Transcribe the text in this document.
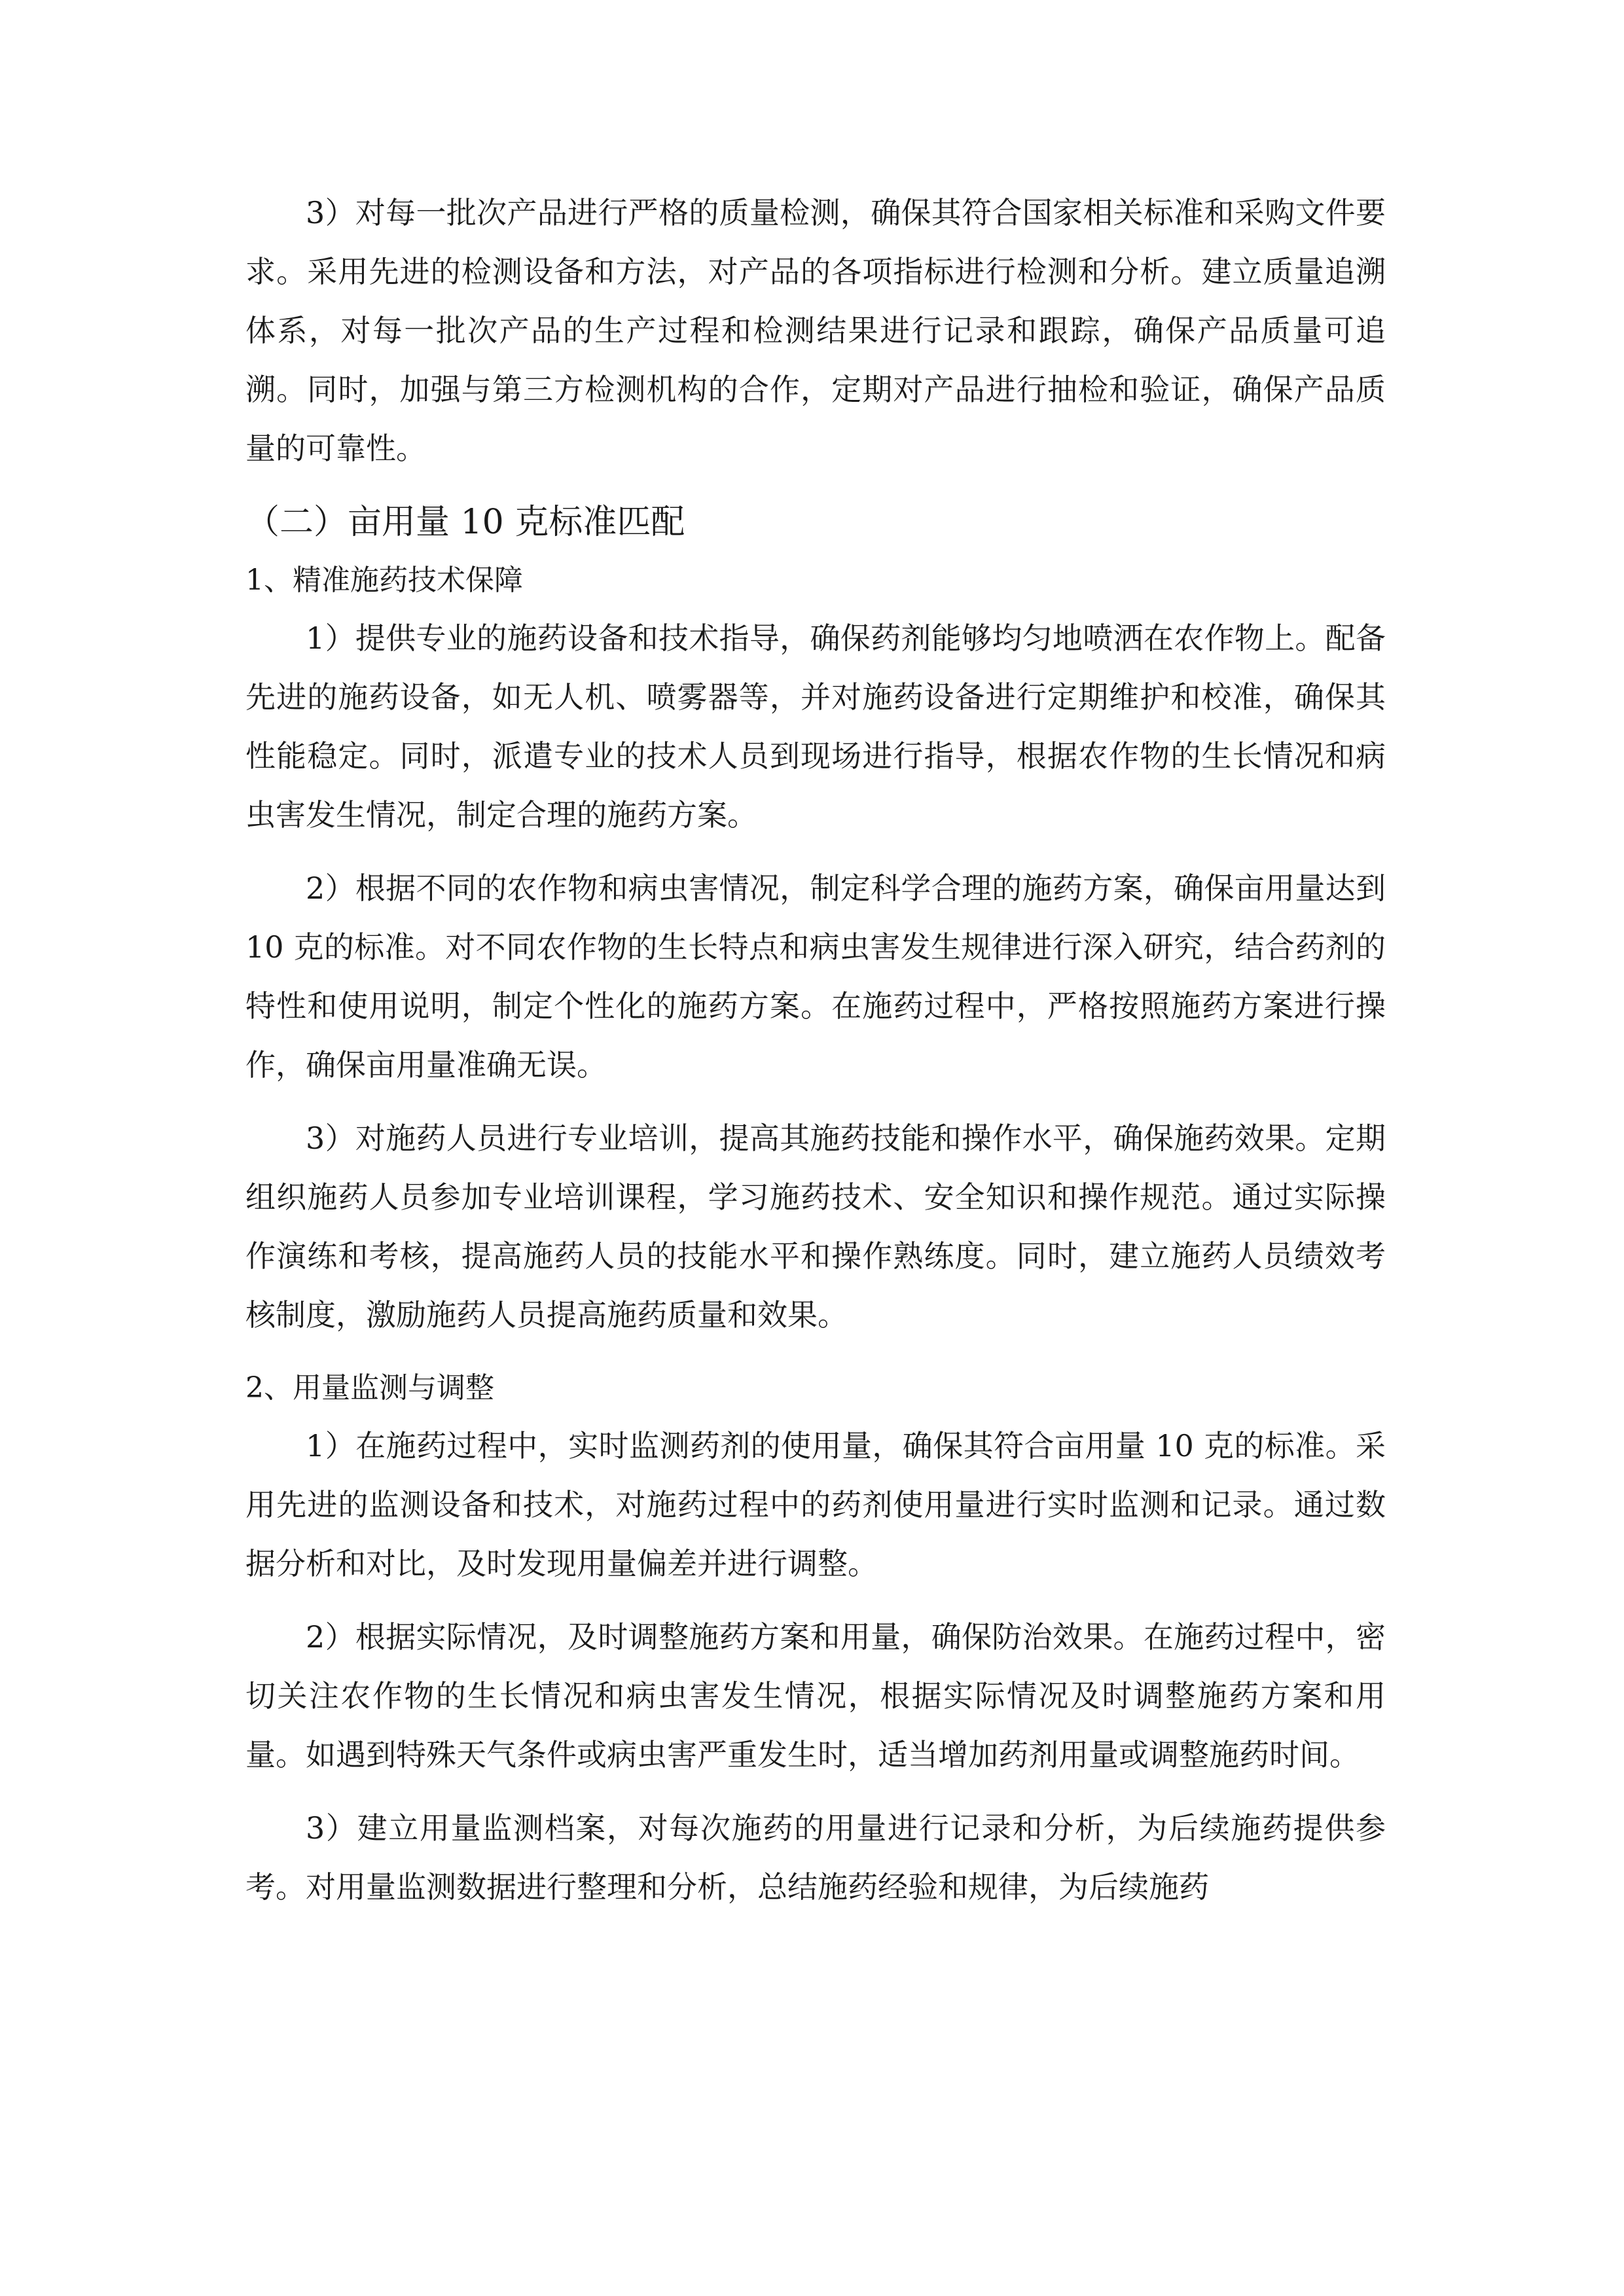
3）对每一批次产品进行严格的质量检测，确保其符合国家相关标准和采购文件要求。采用先进的检测设备和方法，对产品的各项指标进行检测和分析。建立质量追溯体系，对每一批次产品的生产过程和检测结果进行记录和跟踪，确保产品质量可追溯。同时，加强与第三方检测机构的合作，定期对产品进行抽检和验证，确保产品质量的可靠性。

（二）亩用量 10 克标准匹配
1、精准施药技术保障

1）提供专业的施药设备和技术指导，确保药剂能够均匀地喷洒在农作物上。配备先进的施药设备，如无人机、喷雾器等，并对施药设备进行定期维护和校准，确保其性能稳定。同时，派遣专业的技术人员到现场进行指导，根据农作物的生长情况和病虫害发生情况，制定合理的施药方案。

2）根据不同的农作物和病虫害情况，制定科学合理的施药方案，确保亩用量达到 10 克的标准。对不同农作物的生长特点和病虫害发生规律进行深入研究，结合药剂的特性和使用说明，制定个性化的施药方案。在施药过程中，严格按照施药方案进行操作，确保亩用量准确无误。

3）对施药人员进行专业培训，提高其施药技能和操作水平，确保施药效果。定期组织施药人员参加专业培训课程，学习施药技术、安全知识和操作规范。通过实际操作演练和考核，提高施药人员的技能水平和操作熟练度。同时，建立施药人员绩效考核制度，激励施药人员提高施药质量和效果。

2、用量监测与调整

1）在施药过程中，实时监测药剂的使用量，确保其符合亩用量 10 克的标准。采用先进的监测设备和技术，对施药过程中的药剂使用量进行实时监测和记录。通过数据分析和对比，及时发现用量偏差并进行调整。

2）根据实际情况，及时调整施药方案和用量，确保防治效果。在施药过程中，密切关注农作物的生长情况和病虫害发生情况，根据实际情况及时调整施药方案和用量。如遇到特殊天气条件或病虫害严重发生时，适当增加药剂用量或调整施药时间。

3）建立用量监测档案，对每次施药的用量进行记录和分析，为后续施药提供参考。对用量监测数据进行整理和分析，总结施药经验和规律，为后续施药
